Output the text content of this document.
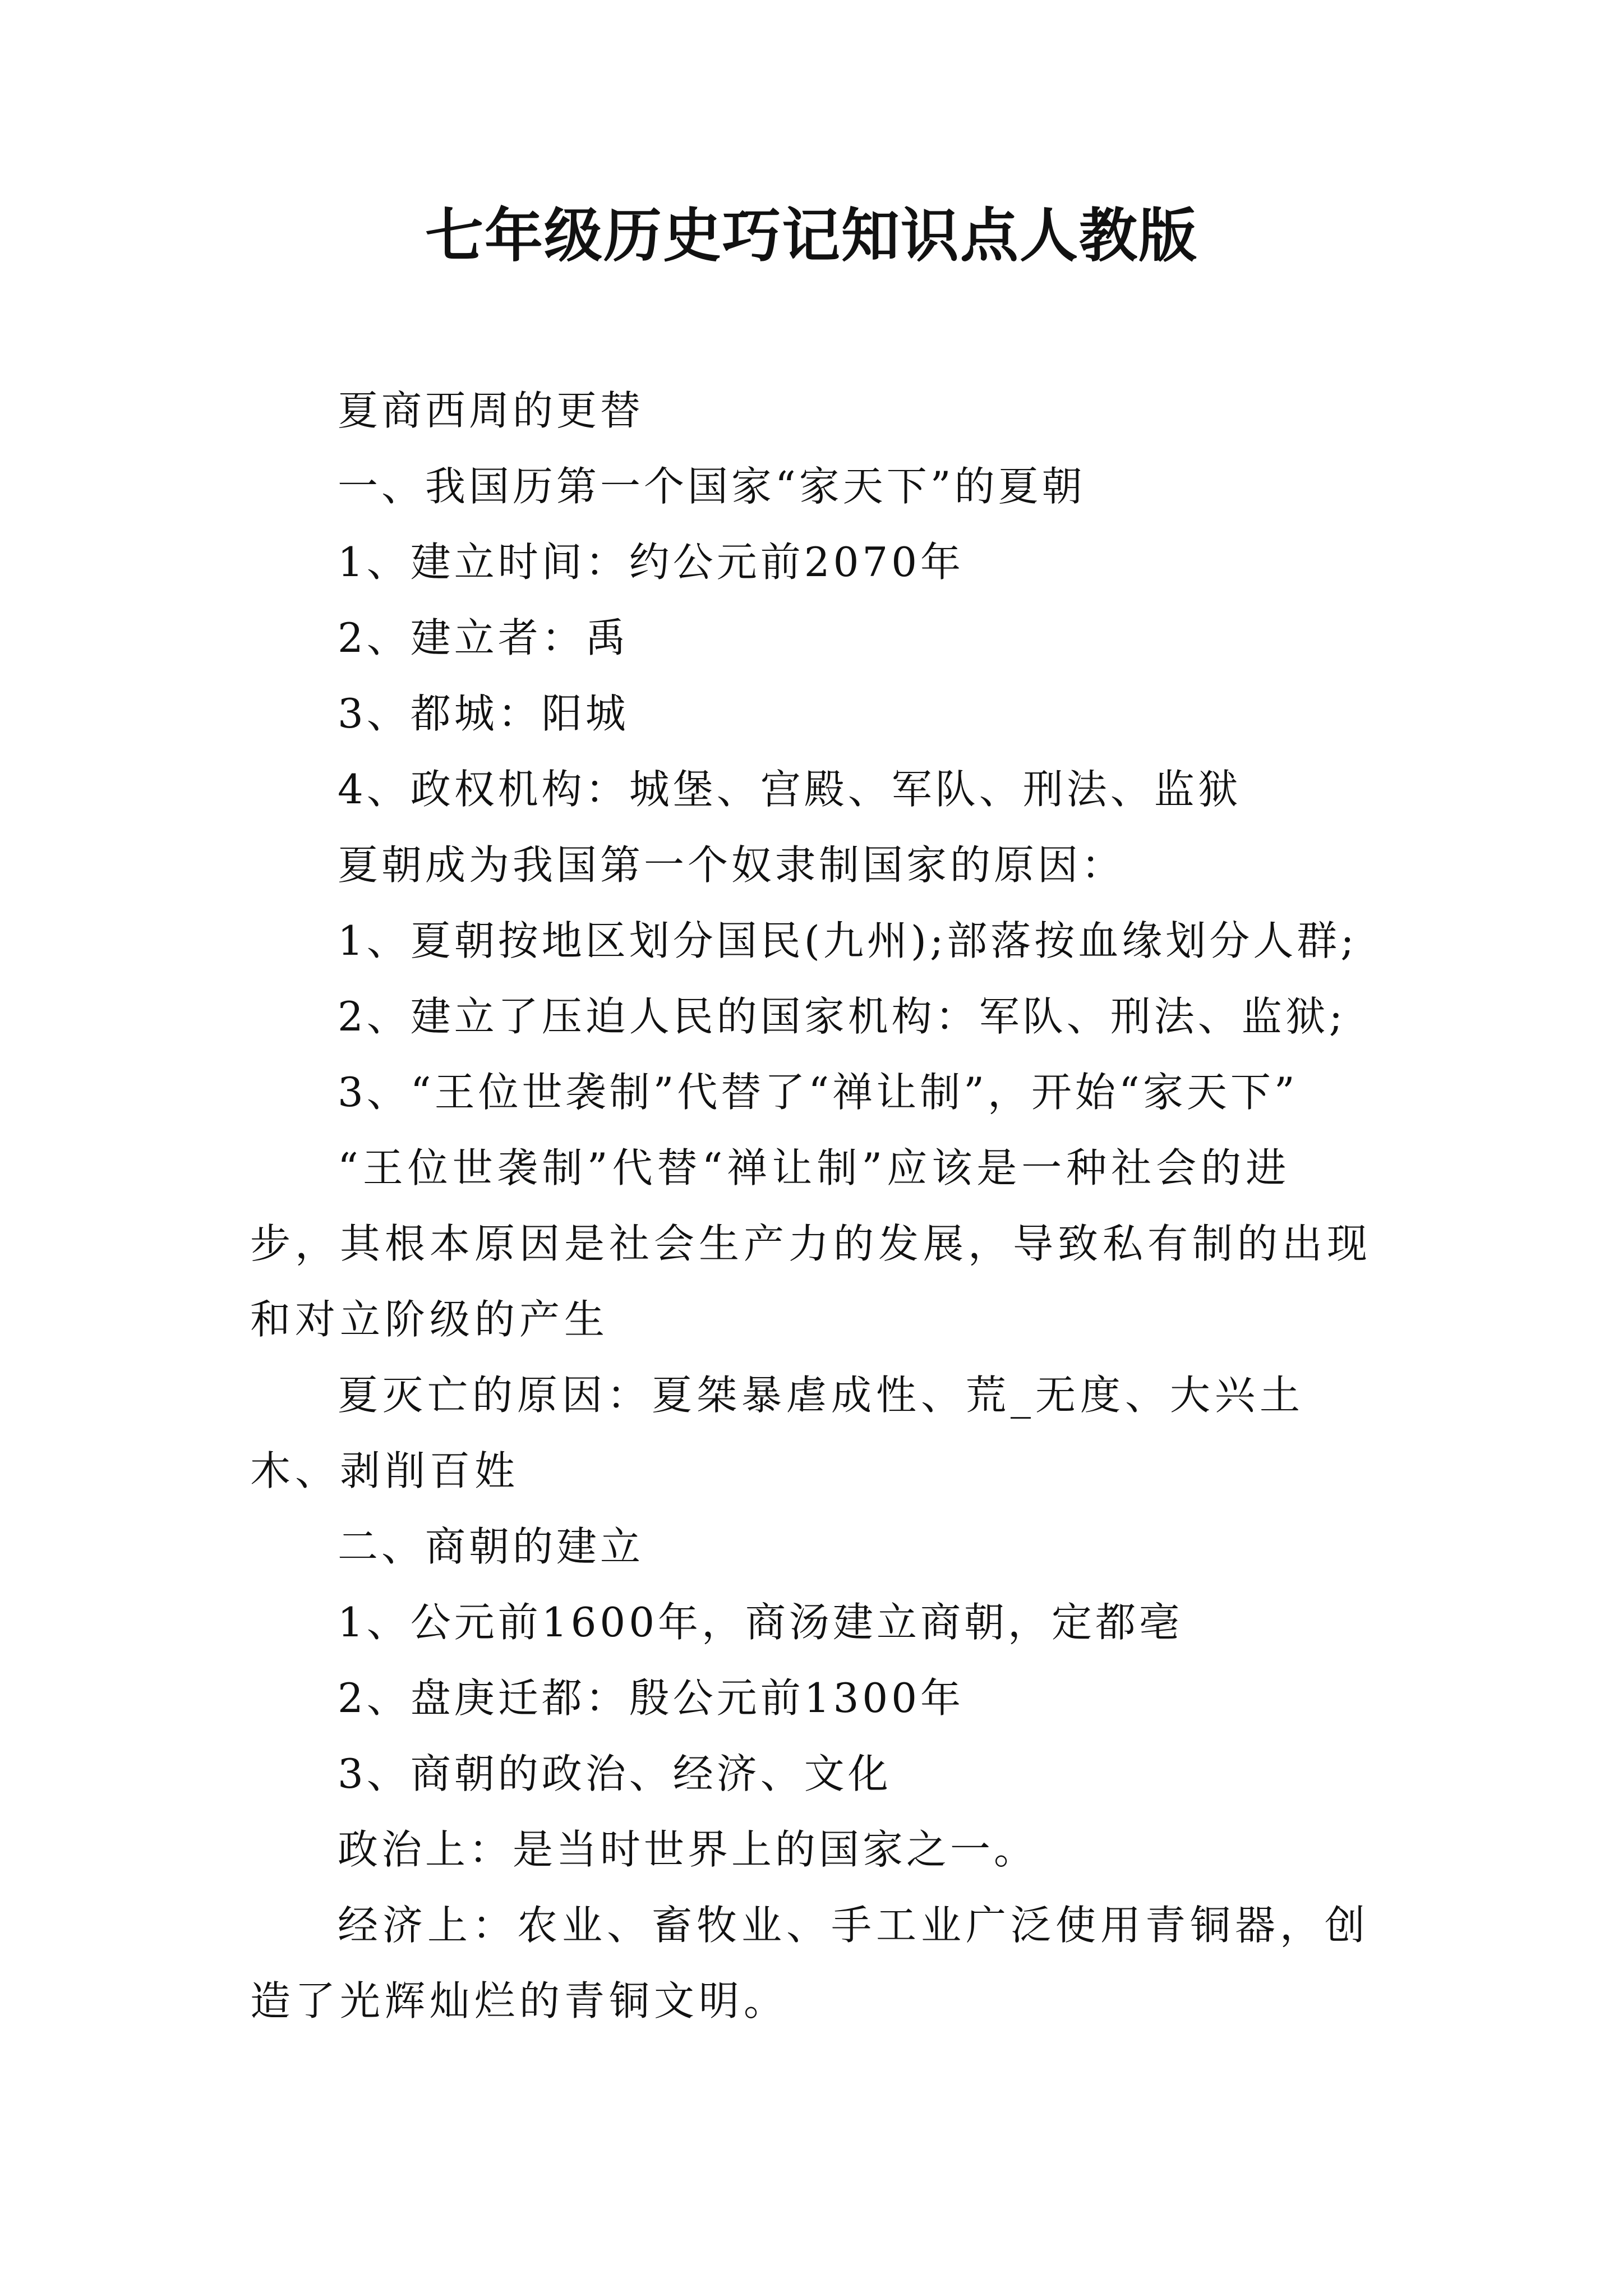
七年级历史巧记知识点人教版

夏商西周的更替

一、我国历第一个国家“家天下”的夏朝

1、建立时间：约公元前2070年

2、建立者：禹

3、都城：阳城

4、政权机构：城堡、宫殿、军队、刑法、监狱

夏朝成为我国第一个奴隶制国家的原因：

1、夏朝按地区划分国民(九州);部落按血缘划分人群;

2、建立了压迫人民的国家机构：军队、刑法、监狱;

3、“王位世袭制”代替了“禅让制”，开始“家天下”

“王位世袭制”代替“禅让制”应该是一种社会的进步，其根本原因是社会生产力的发展，导致私有制的出现和对立阶级的产生

夏灭亡的原因：夏桀暴虐成性、荒_无度、大兴土木、剥削百姓

二、商朝的建立

1、公元前1600年，商汤建立商朝，定都亳

2、盘庚迁都：殷公元前1300年

3、商朝的政治、经济、文化

政治上：是当时世界上的国家之一。

经济上：农业、畜牧业、手工业广泛使用青铜器，创造了光辉灿烂的青铜文明。
